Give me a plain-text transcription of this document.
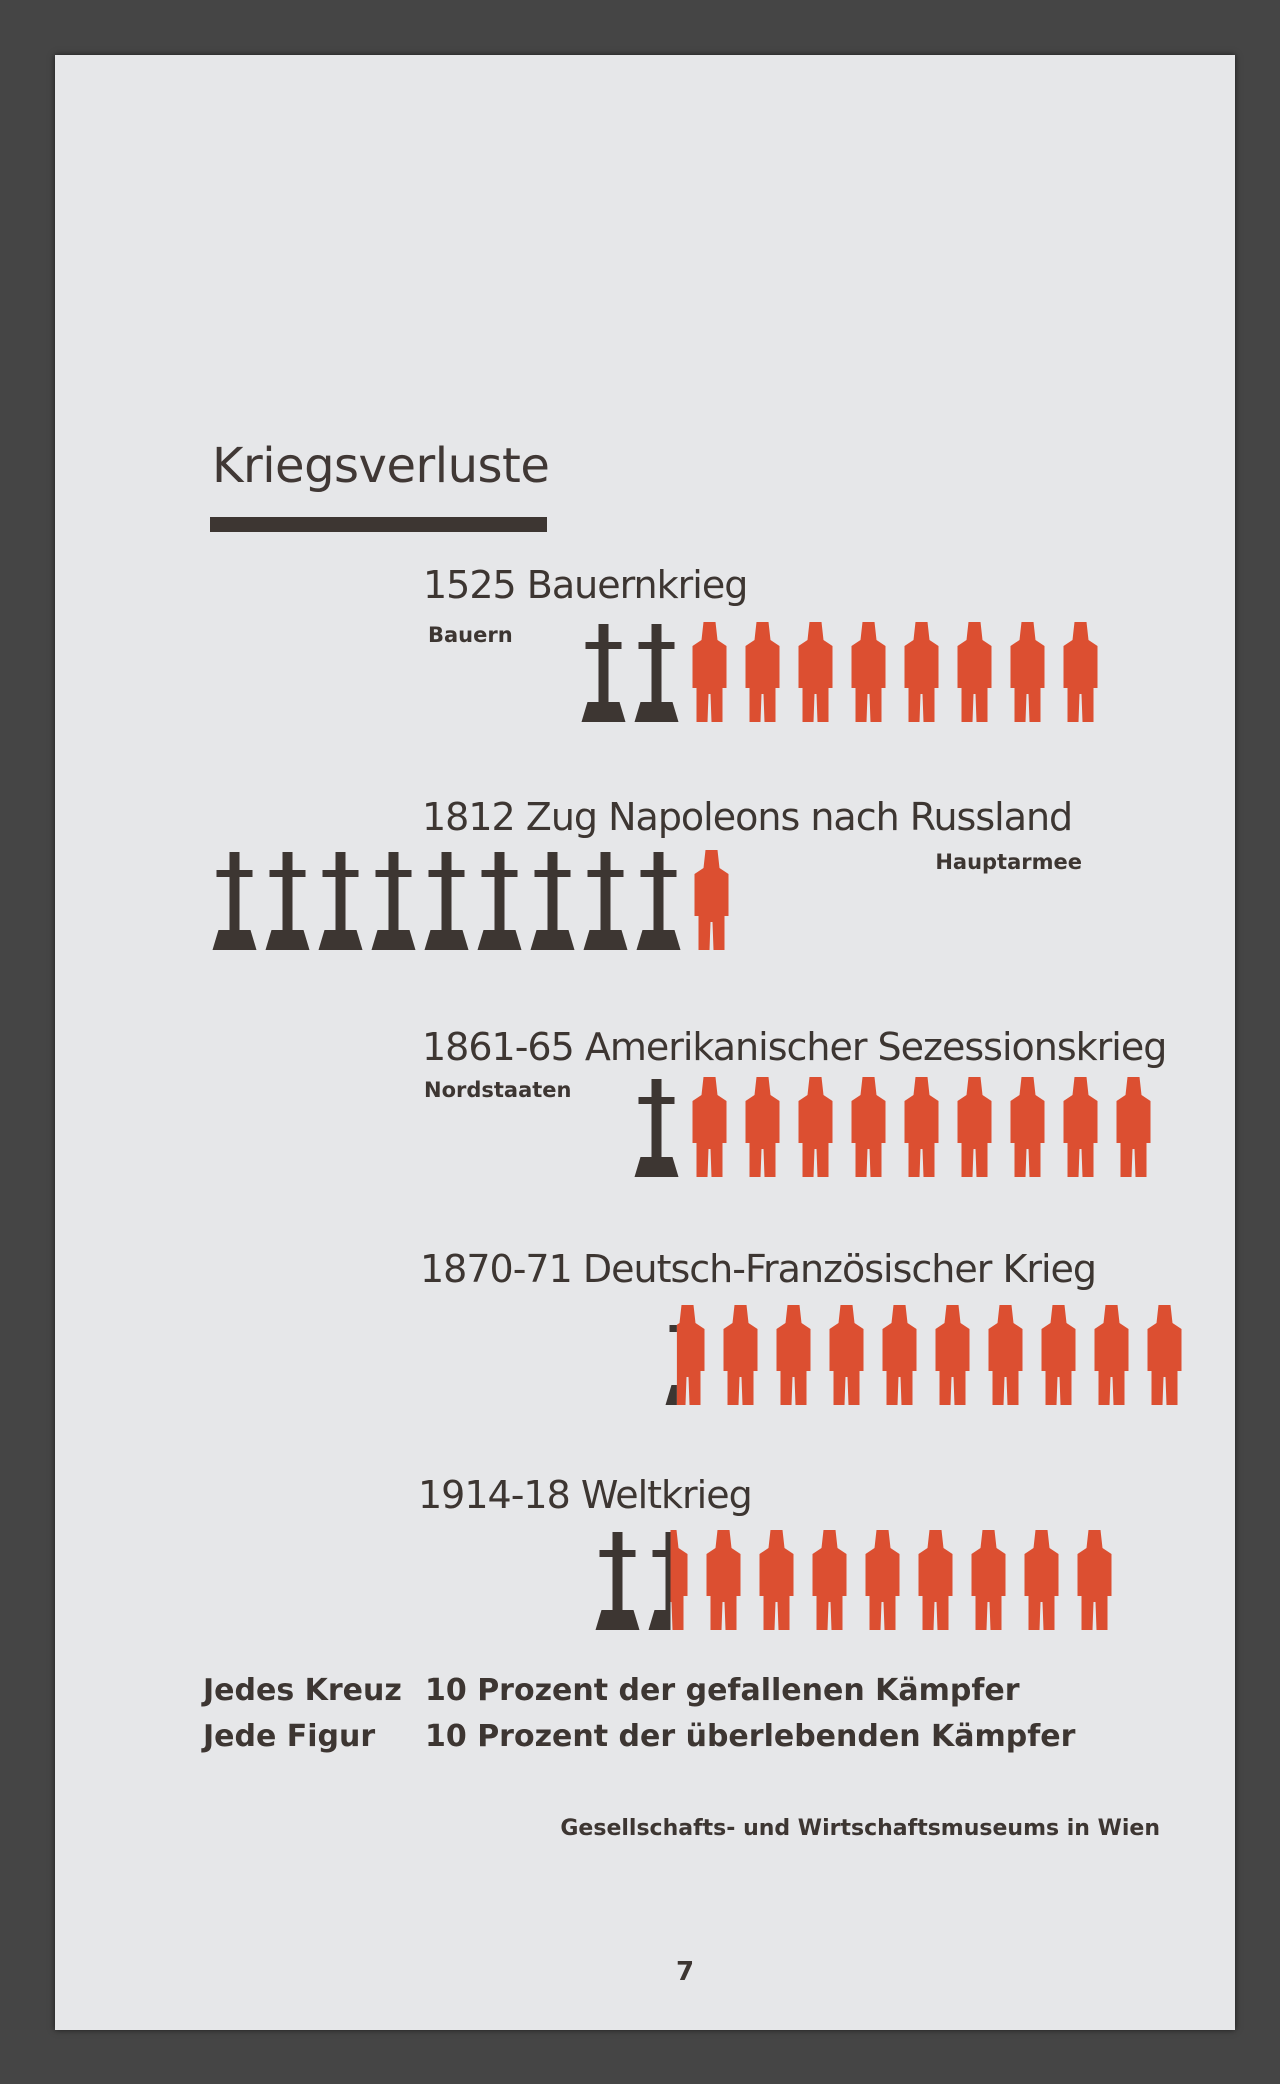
Kriegsverluste
1525 Bauernkrieg
Bauern
1812 Zug Napoleons nach Russland
Hauptarmee
1861-65 Amerikanischer Sezessionskrieg
Nordstaaten
1870-71 Deutsch-Französischer Krieg
1914-18 Weltkrieg
Jedes Kreuz 10 Prozent der gefallenen Kämpfer
Jede Figur 10 Prozent der überlebenden Kämpfer
Gesellschafts- und Wirtschaftsmuseums in Wien
7
